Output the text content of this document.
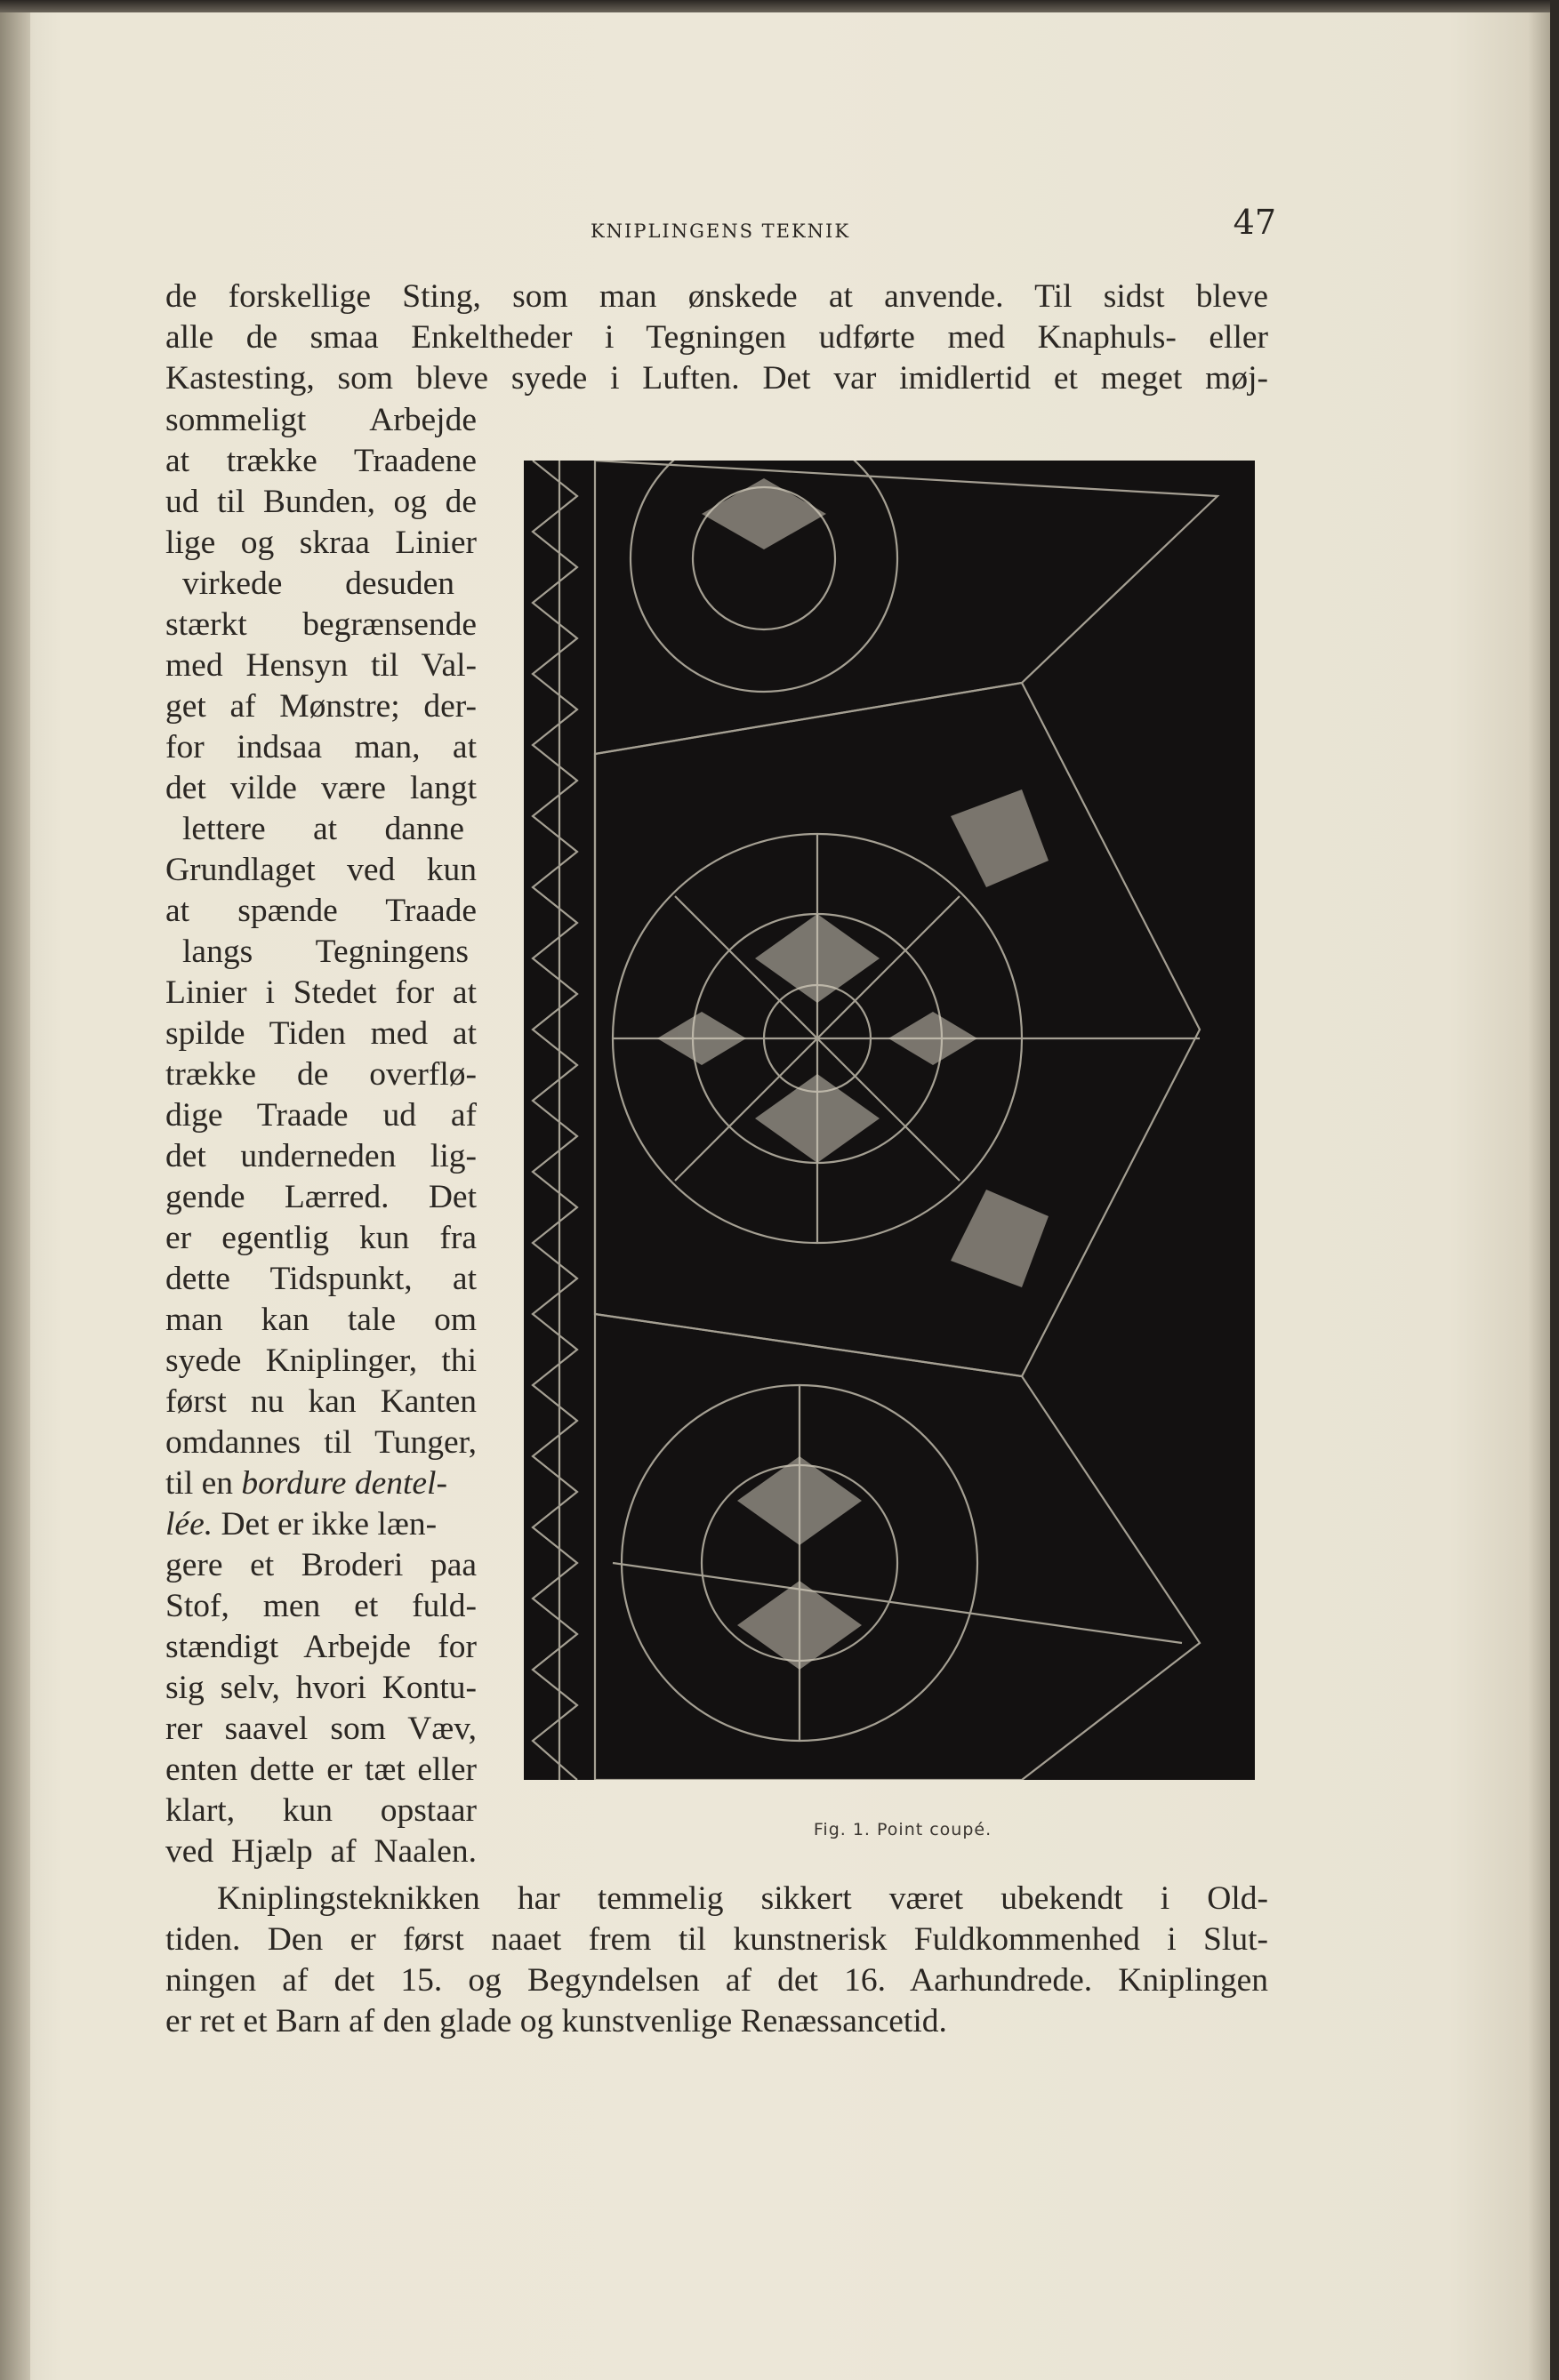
KNIPLINGENS TEKNIK	47
de forskellige Sting, som man ønskede at anvende. Til sidst bleve
alle de smaa Enkeltheder i Tegningen udførte med Knaphuls- eller
Kastesting, som bleve syede i Luften. Det var imidlertid et meget møj-
sommeligt Arbejde
at trække Traadene
ud til Bunden, og de
lige og skraa Linier
virkede desuden
stærkt begrænsende
med Hensyn til Val-
get af Mønstre; der-
for indsaa man, at
det vilde være langt
lettere at danne
Grundlaget ved kun
at spænde Traade
langs Tegningens
Linier i Stedet for at
spilde Tiden med at
trække de overflø-
dige Traade ud af
det underneden lig-
gende Lærred. Det
er egentlig kun fra
dette Tidspunkt, at
man kan tale om
syede Kniplinger, thi
først nu kan Kanten
omdannes til Tunger,
til en bordure dentel-
lée. Det er ikke læn-
gere et Broderi paa
Stof, men et fuld-
stændigt Arbejde for
sig selv, hvori Kontu-
rer saavel som Væv,
enten dette er tæt eller
klart, kun opstaar
ved Hjælp af Naalen.
Fig. 1. Point coupé.
Kniplingsteknikken har temmelig sikkert været ubekendt i Old-
tiden. Den er først naaet frem til kunstnerisk Fuldkommenhed i Slut-
ningen af det 15. og Begyndelsen af det 16. Aarhundrede. Kniplingen
er ret et Barn af den glade og kunstvenlige Renæssancetid.
